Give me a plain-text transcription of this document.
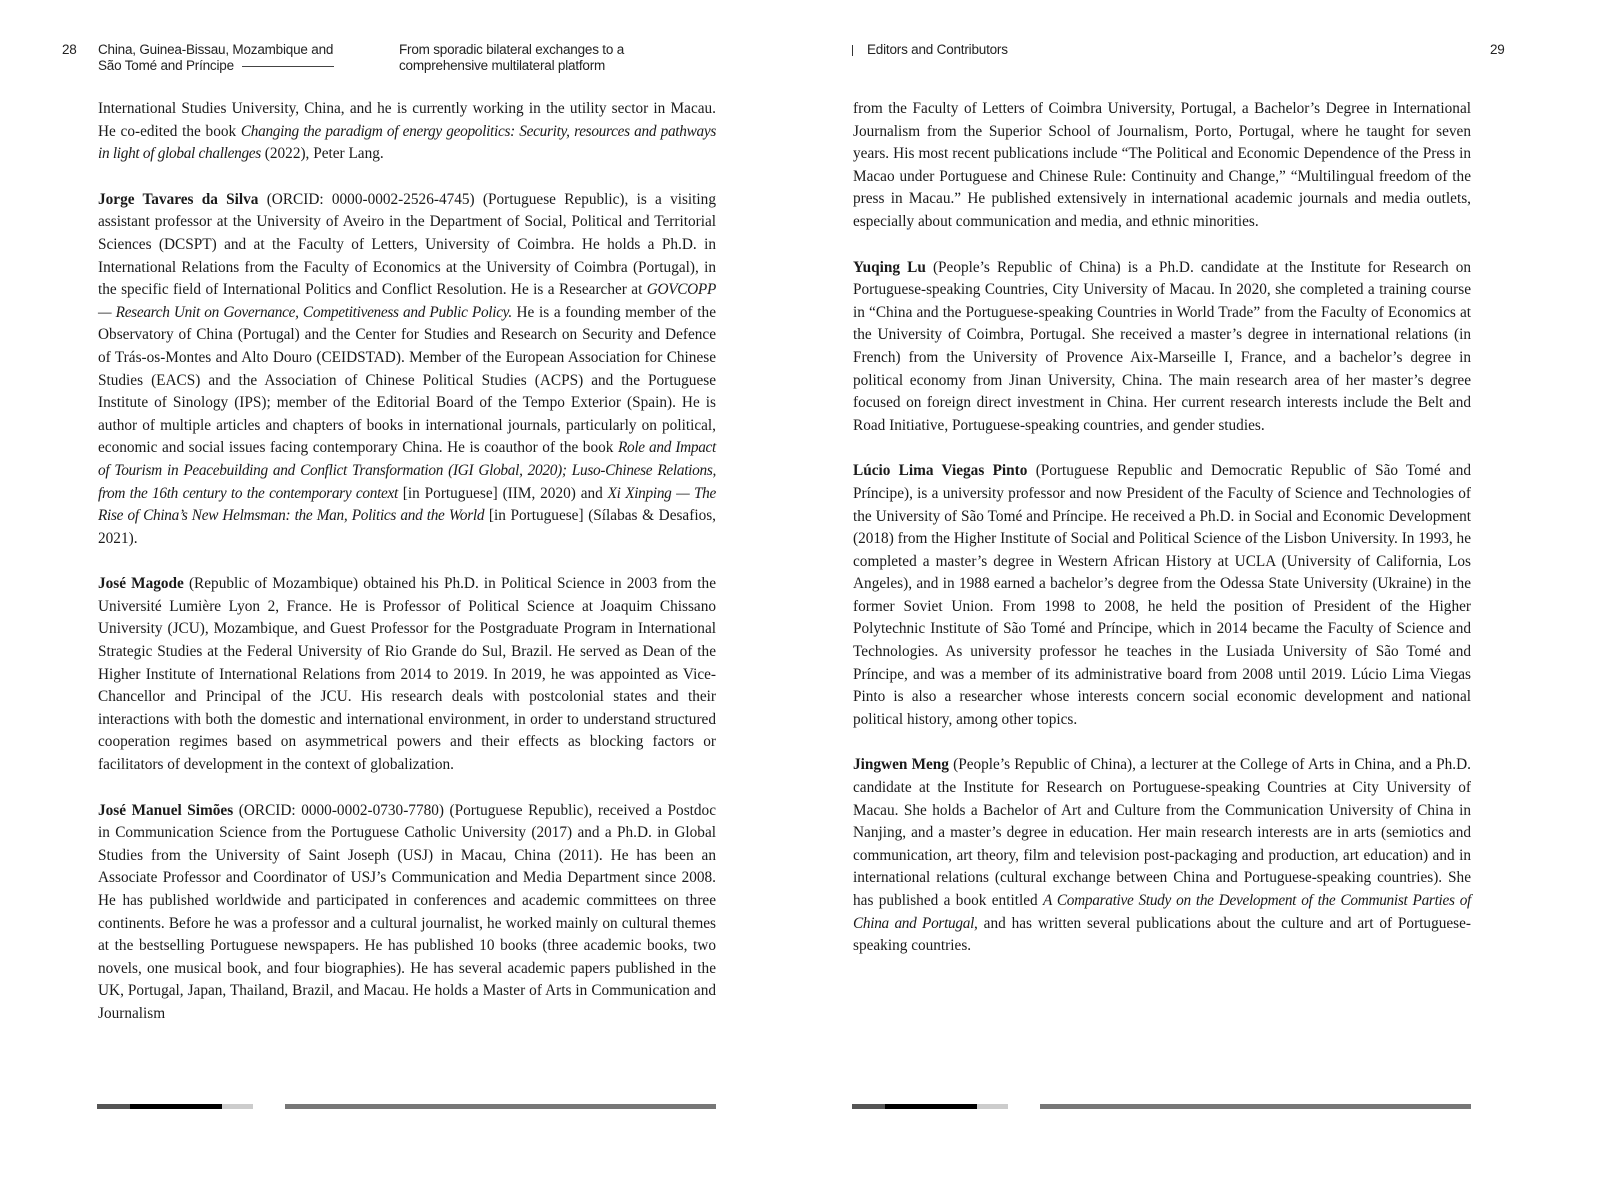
28 China, Guinea-Bissau, Mozambique and São Tomé and Príncipe
From sporadic bilateral exchanges to a comprehensive multilateral platform

International Studies University, China, and he is currently working in the utility sector in Macau. He co-edited the book Changing the paradigm of energy geopolitics: Security, resources and pathways in light of global challenges (2022), Peter Lang.

Jorge Tavares da Silva (ORCID: 0000-0002-2526-4745) (Portuguese Republic), is a visiting assistant professor at the University of Aveiro in the Department of Social, Political and Territorial Sciences (DCSPT) and at the Faculty of Letters, University of Coimbra. He holds a Ph.D. in International Relations from the Faculty of Economics at the University of Coimbra (Portugal), in the specific field of International Politics and Conflict Resolution. He is a Researcher at GOVCOPP — Research Unit on Governance, Competitiveness and Public Policy. He is a founding member of the Observatory of China (Portugal) and the Center for Studies and Research on Security and Defence of Trás-os-Montes and Alto Douro (CEIDSTAD). Member of the European Association for Chinese Studies (EACS) and the Association of Chinese Political Studies (ACPS) and the Portuguese Institute of Sinology (IPS); member of the Editorial Board of the Tempo Exterior (Spain). He is author of multiple articles and chapters of books in international journals, particularly on political, economic and social issues facing contemporary China. He is coauthor of the book Role and Impact of Tourism in Peacebuilding and Conflict Transformation (IGI Global, 2020); Luso-Chinese Relations, from the 16th century to the contemporary context [in Portuguese] (IIM, 2020) and Xi Xinping — The Rise of China’s New Helmsman: the Man, Politics and the World [in Portuguese] (Sílabas & Desafios, 2021).

José Magode (Republic of Mozambique) obtained his Ph.D. in Political Science in 2003 from the Université Lumière Lyon 2, France. He is Professor of Political Science at Joaquim Chissano University (JCU), Mozambique, and Guest Professor for the Postgraduate Program in International Strategic Studies at the Federal University of Rio Grande do Sul, Brazil. He served as Dean of the Higher Institute of International Relations from 2014 to 2019. In 2019, he was appointed as Vice-Chancellor and Principal of the JCU. His research deals with postcolonial states and their interactions with both the domestic and international environment, in order to understand structured cooperation regimes based on asymmetrical powers and their effects as blocking factors or facilitators of development in the context of globalization.

José Manuel Simões (ORCID: 0000-0002-0730-7780) (Portuguese Republic), received a Postdoc in Communication Science from the Portuguese Catholic University (2017) and a Ph.D. in Global Studies from the University of Saint Joseph (USJ) in Macau, China (2011). He has been an Associate Professor and Coordinator of USJ’s Communication and Media Department since 2008. He has published worldwide and participated in conferences and academic committees on three continents. Before he was a professor and a cultural journalist, he worked mainly on cultural themes at the bestselling Portuguese newspapers. He has published 10 books (three academic books, two novels, one musical book, and four biographies). He has several academic papers published in the UK, Portugal, Japan, Thailand, Brazil, and Macau. He holds a Master of Arts in Communication and Journalism

Editors and Contributors	29

from the Faculty of Letters of Coimbra University, Portugal, a Bachelor’s Degree in International Journalism from the Superior School of Journalism, Porto, Portugal, where he taught for seven years. His most recent publications include “The Political and Economic Dependence of the Press in Macao under Portuguese and Chinese Rule: Continuity and Change,” “Multilingual freedom of the press in Macau.” He published extensively in international academic journals and media outlets, especially about communication and media, and ethnic minorities.

Yuqing Lu (People’s Republic of China) is a Ph.D. candidate at the Institute for Research on Portuguese-speaking Countries, City University of Macau. In 2020, she completed a training course in “China and the Portuguese-speaking Countries in World Trade” from the Faculty of Economics at the University of Coimbra, Portugal. She received a master’s degree in international relations (in French) from the University of Provence Aix-Marseille I, France, and a bachelor’s degree in political economy from Jinan University, China. The main research area of her master’s degree focused on foreign direct investment in China. Her current research interests include the Belt and Road Initiative, Portuguese-speaking countries, and gender studies.

Lúcio Lima Viegas Pinto (Portuguese Republic and Democratic Republic of São Tomé and Príncipe), is a university professor and now President of the Faculty of Science and Technologies of the University of São Tomé and Príncipe. He received a Ph.D. in Social and Economic Development (2018) from the Higher Institute of Social and Political Science of the Lisbon University. In 1993, he completed a master’s degree in Western African History at UCLA (University of California, Los Angeles), and in 1988 earned a bachelor’s degree from the Odessa State University (Ukraine) in the former Soviet Union. From 1998 to 2008, he held the position of President of the Higher Polytechnic Institute of São Tomé and Príncipe, which in 2014 became the Faculty of Science and Technologies. As university professor he teaches in the Lusiada University of São Tomé and Príncipe, and was a member of its administrative board from 2008 until 2019. Lúcio Lima Viegas Pinto is also a researcher whose interests concern social economic development and national political history, among other topics.

Jingwen Meng (People’s Republic of China), a lecturer at the College of Arts in China, and a Ph.D. candidate at the Institute for Research on Portuguese-speaking Countries at City University of Macau. She holds a Bachelor of Art and Culture from the Communication University of China in Nanjing, and a master’s degree in education. Her main research interests are in arts (semiotics and communication, art theory, film and television post-packaging and production, art education) and in international relations (cultural exchange between China and Portuguese-speaking countries). She has published a book entitled A Comparative Study on the Development of the Communist Parties of China and Portugal, and has written several publications about the culture and art of Portuguese-speaking countries.
